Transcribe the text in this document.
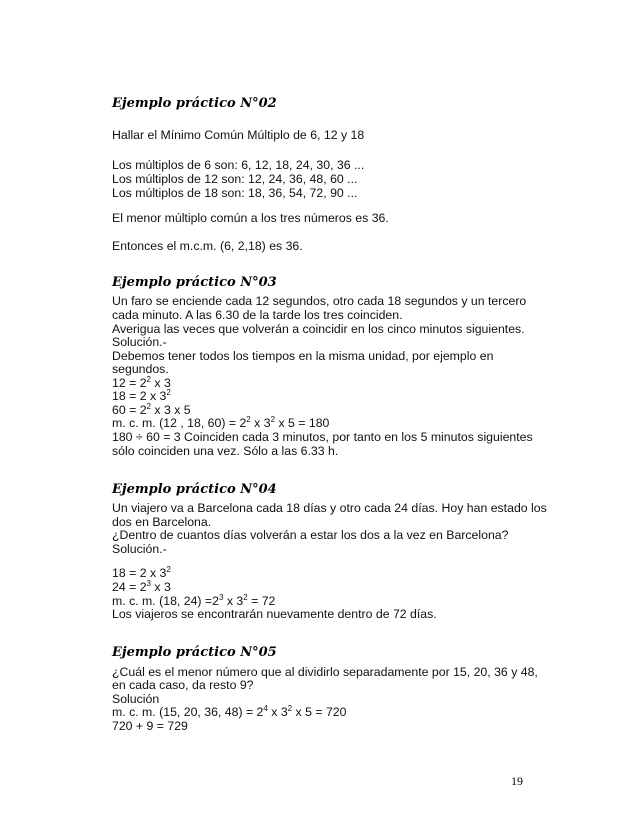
Ejemplo práctico N°02
Hallar el Mínimo Común Múltiplo de 6, 12 y 18
Los múltiplos de 6 son: 6, 12, 18, 24, 30, 36 ...
Los múltiplos de 12 son: 12, 24, 36, 48, 60 ...
Los múltiplos de 18 son: 18, 36, 54, 72, 90 ...
El menor múltiplo común a los tres números es 36.
Entonces el m.c.m. (6, 2,18) es 36.
Ejemplo práctico N°03
Un faro se enciende cada 12 segundos, otro cada 18 segundos y un tercero
cada minuto. A las 6.30 de la tarde los tres coinciden.
Averigua las veces que volverán a coincidir en los cinco minutos siguientes.
Solución.-
Debemos tener todos los tiempos en la misma unidad, por ejemplo en
segundos.
$12 = 2^2$ x 3
18 = 2 x $3^2$
$60 = 2^2$ x 3 x 5
m. c. m. (12 , 18, $60) = 2^2$ x $3^2$ x 5 = 180
180 ÷ 60 = 3 Coinciden cada 3 minutos, por tanto en los 5 minutos siguientes
sólo coinciden una vez. Sólo a las 6.33 h.
Ejemplo práctico N°04
Un viajero va a Barcelona cada 18 días y otro cada 24 días. Hoy han estado los
dos en Barcelona.
¿Dentro de cuantos días volverán a estar los dos a la vez en Barcelona?
Solución.-
18 = 2 x $3^2$
$24 = 2^3$ x 3
m. c. m. (18, $24) =2^3$ x $3^2 = 72$
Los viajeros se encontrarán nuevamente dentro de 72 días.
Ejemplo práctico N°05
¿Cuál es el menor número que al dividirlo separadamente por 15, 20, 36 y 48,
en cada caso, da resto 9?
Solución
m. c. m. (15, 20, 36, $48) = 2^4$ x $3^2$ x 5 = 720
720 + 9 = 729
19
